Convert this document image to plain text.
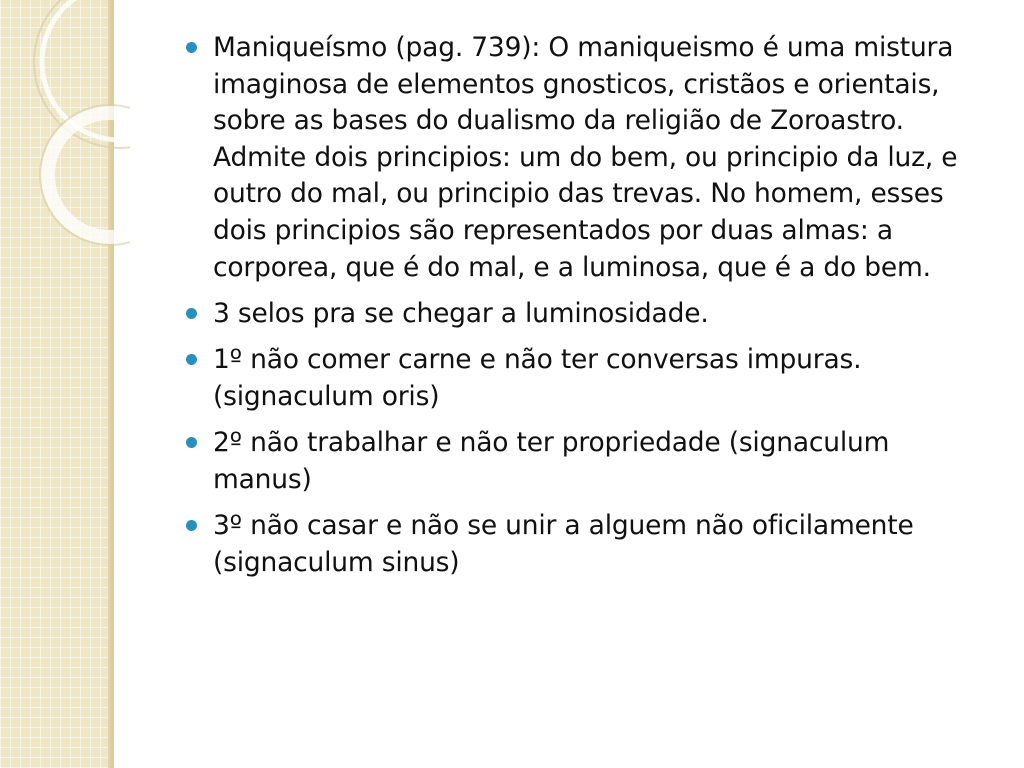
Maniqueísmo (pag. 739): O maniqueismo é uma mistura imaginosa de elementos gnosticos, cristãos e orientais, sobre as bases do dualismo da religião de Zoroastro. Admite dois principios: um do bem, ou principio da luz, e outro do mal, ou principio das trevas. No homem, esses dois principios são representados por duas almas: a corporea, que é do mal, e a luminosa, que é a do bem.
3 selos pra se chegar a luminosidade.
1º não comer carne e não ter conversas impuras. (signaculum oris)
2º não trabalhar e não ter propriedade (signaculum manus)
3º não casar e não se unir a alguem não oficilamente (signaculum sinus)
